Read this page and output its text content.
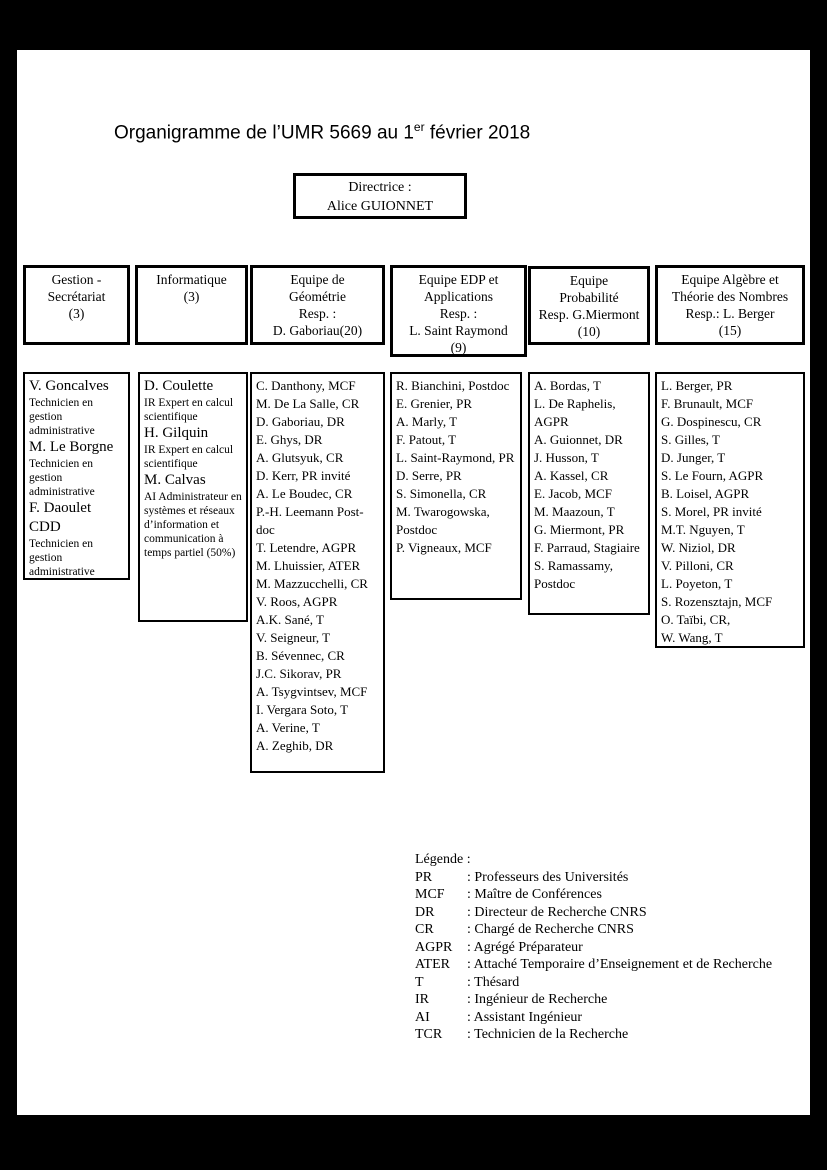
Organigramme de l’UMR 5669 au 1er février 2018
Directrice :
Alice GUIONNET
Gestion -
Secrétariat
(3)
Informatique
(3)
Equipe de
Géométrie
Resp. :
D. Gaboriau(20)
Equipe EDP et
Applications
Resp. :
L. Saint Raymond
(9)
Equipe
Probabilité
Resp. G.Miermont
(10)
Equipe Algèbre et
Théorie des Nombres
Resp.: L. Berger
(15)
V. Goncalves
Technicien en gestion administrative
M. Le Borgne
Technicien en gestion administrative
F. Daoulet CDD
Technicien en gestion administrative
D. Coulette
IR Expert en calcul scientifique
H. Gilquin
IR Expert en calcul scientifique
M. Calvas
AI Administrateur en systèmes et réseaux d’information et communication à temps partiel (50%)
C. Danthony, MCF
M. De La Salle, CR
D. Gaboriau, DR
E. Ghys, DR
A. Glutsyuk, CR
D. Kerr, PR invité
A. Le Boudec, CR
P.-H. Leemann Post-doc
T. Letendre, AGPR
M. Lhuissier, ATER
M. Mazzucchelli, CR
V. Roos, AGPR
A.K. Sané, T
V. Seigneur, T
B. Sévennec, CR
J.C. Sikorav, PR
A. Tsygvintsev, MCF
I. Vergara Soto, T
A. Verine, T
A. Zeghib, DR
R. Bianchini, Postdoc
E. Grenier, PR
A. Marly, T
F. Patout, T
L. Saint-Raymond, PR
D. Serre, PR
S. Simonella, CR
M. Twarogowska, Postdoc
P. Vigneaux, MCF
A. Bordas, T
L. De Raphelis, AGPR
A. Guionnet, DR
J. Husson, T
A. Kassel, CR
E. Jacob, MCF
M. Maazoun, T
G. Miermont, PR
F. Parraud, Stagiaire
S. Ramassamy, Postdoc
L. Berger, PR
F. Brunault, MCF
G. Dospinescu, CR
S. Gilles, T
D. Junger, T
S. Le Fourn, AGPR
B. Loisel, AGPR
S. Morel, PR invité
M.T. Nguyen, T
W. Niziol, DR
V. Pilloni, CR
L. Poyeton, T
S. Rozensztajn, MCF
O. Taïbi, CR,
W. Wang, T
Légende :
PR : Professeurs des Universités
MCF : Maître de Conférences
DR : Directeur de Recherche CNRS
CR : Chargé de Recherche CNRS
AGPR : Agrégé Préparateur
ATER : Attaché Temporaire d’Enseignement et de Recherche
T	: Thésard
IR	: Ingénieur de Recherche
AI	: Assistant Ingénieur
TCR : Technicien de la Recherche
